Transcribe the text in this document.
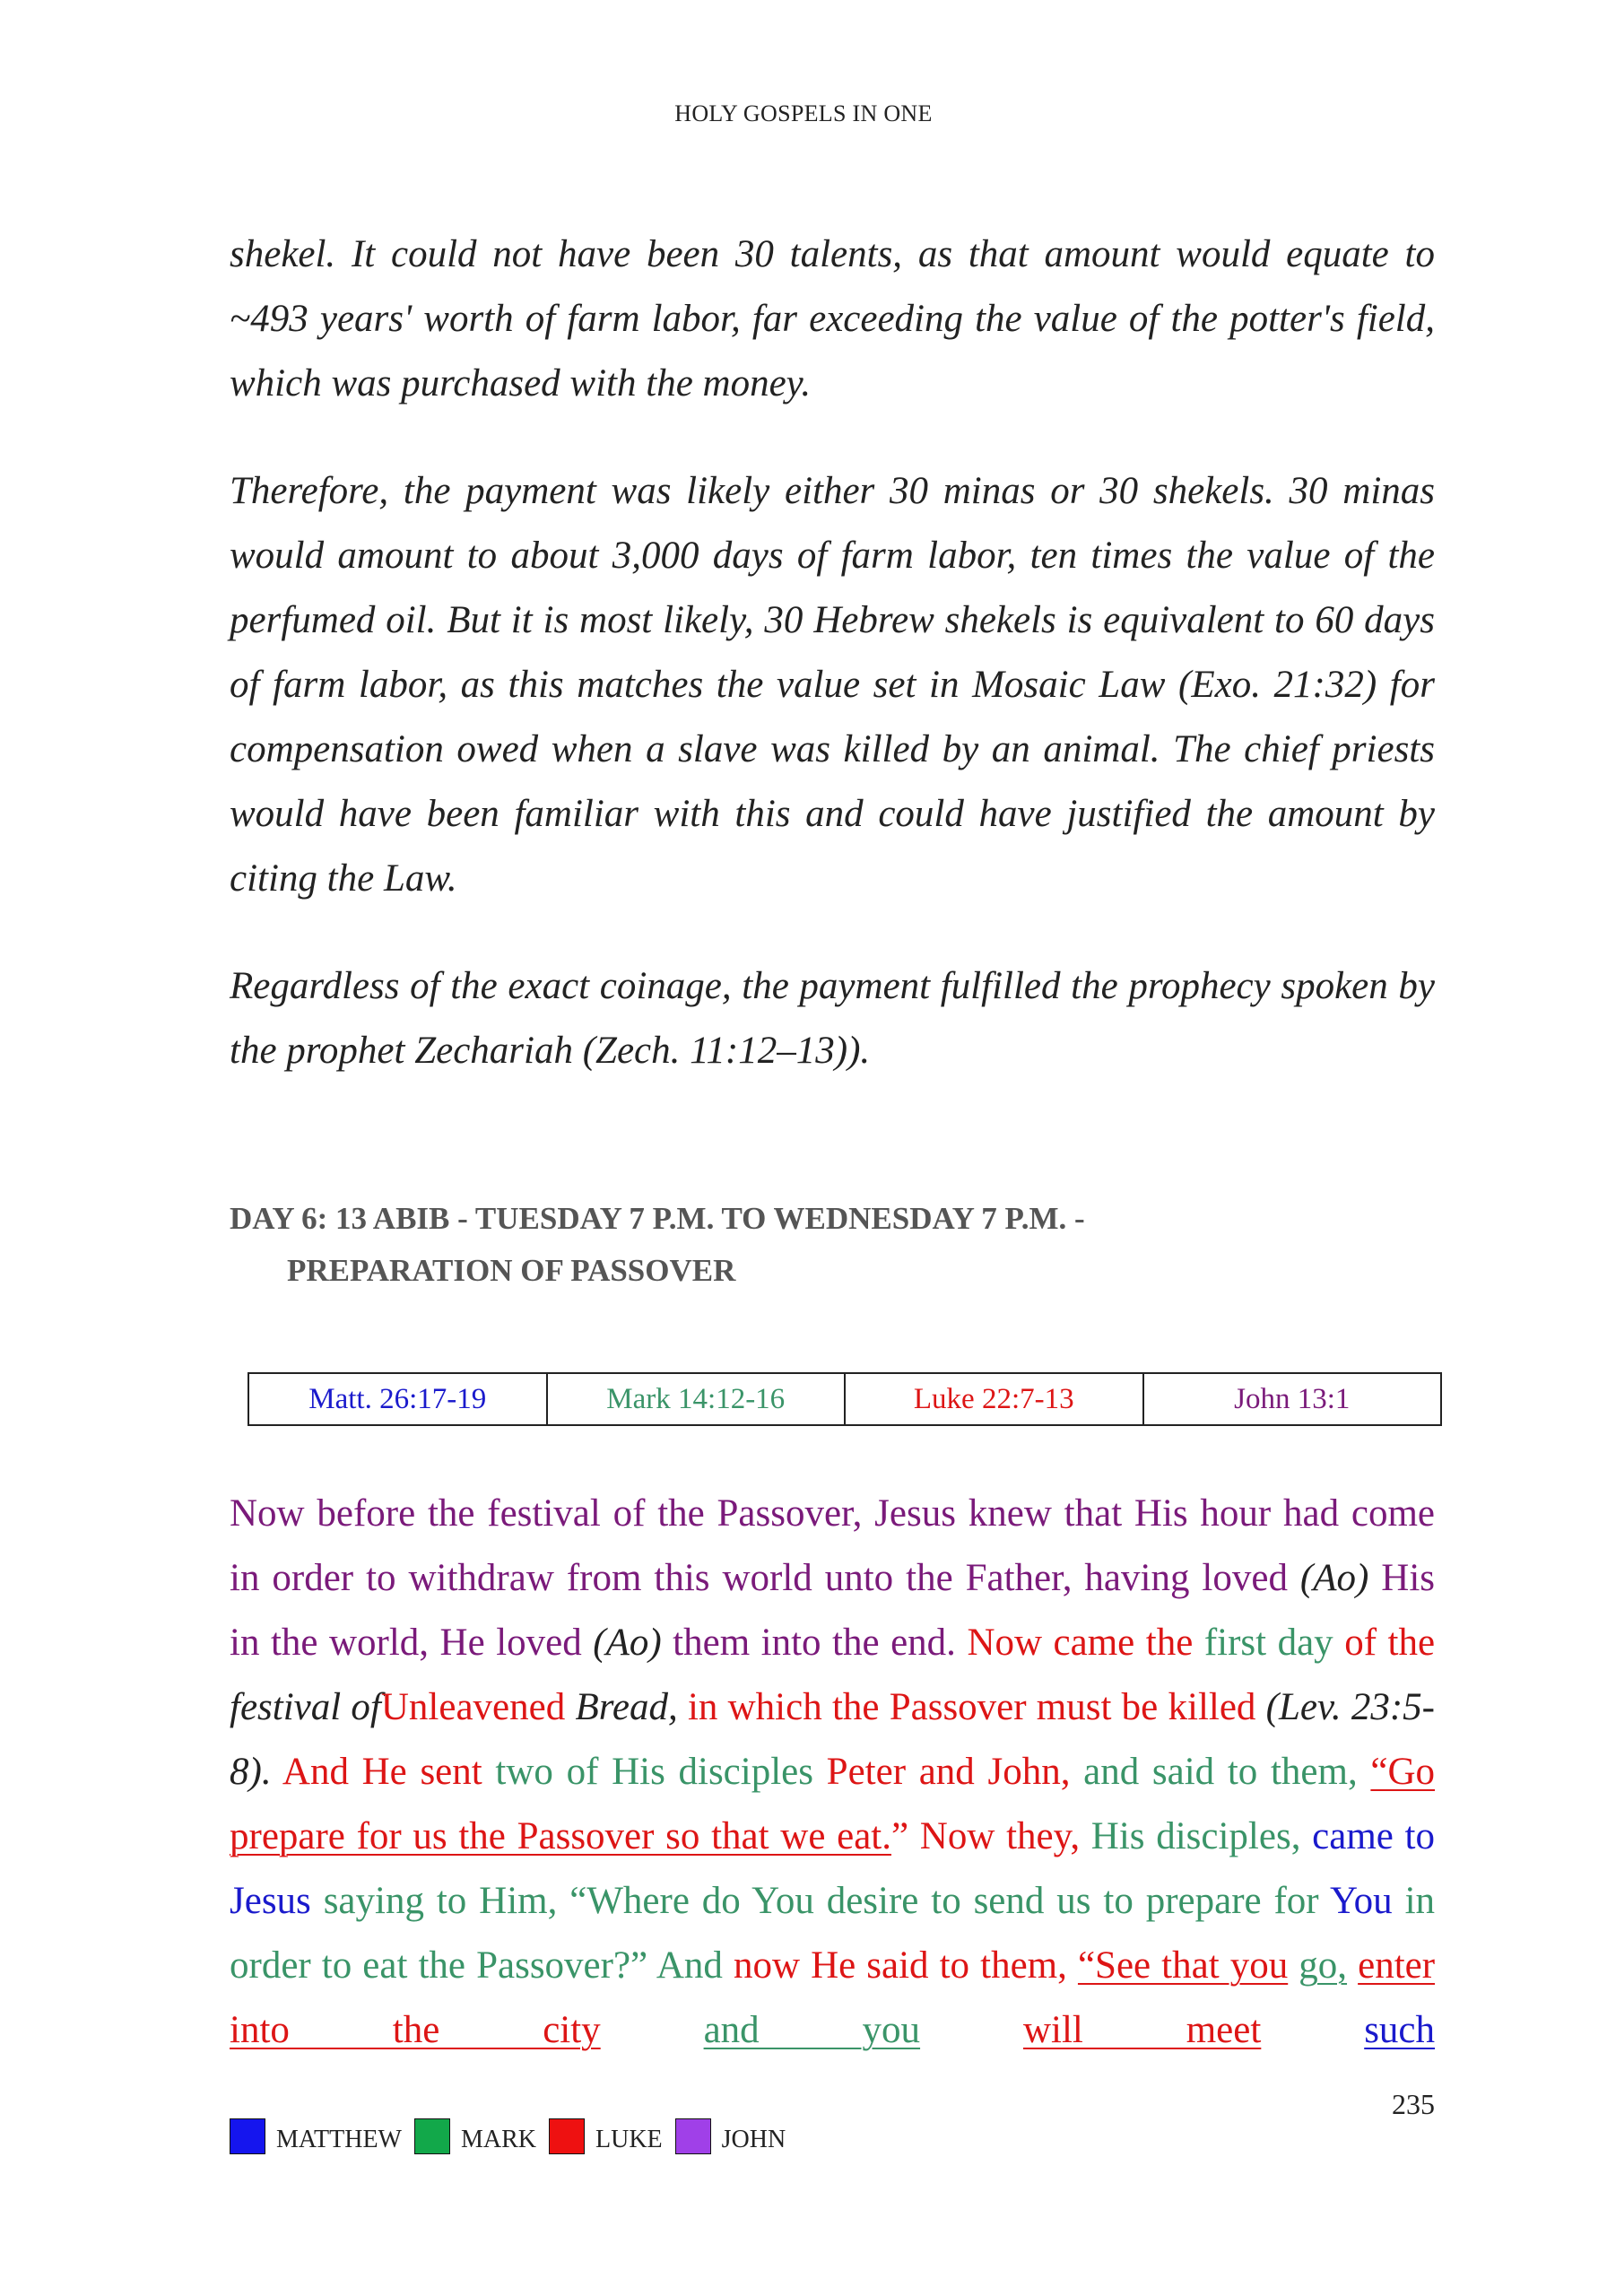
HOLY GOSPELS IN ONE

shekel. It could not have been 30 talents, as that amount would equate to ~493 years' worth of farm labor, far exceeding the value of the potter's field, which was purchased with the money.

Therefore, the payment was likely either 30 minas or 30 shekels. 30 minas would amount to about 3,000 days of farm labor, ten times the value of the perfumed oil. But it is most likely, 30 Hebrew shekels is equivalent to 60 days of farm labor, as this matches the value set in Mosaic Law (Exo. 21:32) for compensation owed when a slave was killed by an animal. The chief priests would have been familiar with this and could have justified the amount by citing the Law.

Regardless of the exact coinage, the payment fulfilled the prophecy spoken by the prophet Zechariah (Zech. 11:12–13)).

DAY 6: 13 ABIB - TUESDAY 7 P.M. TO WEDNESDAY 7 P.M. -
PREPARATION OF PASSOVER
Matt. 26:17-19	Mark 14:12-16	Luke 22:7-13	John 13:1
Now before the festival of the Passover, Jesus knew that His hour had come in order to withdraw from this world unto the Father, having loved (Ao) His in the world, He loved (Ao) them into the end. Now came the first day of the festival ofUnleavened Bread, in which the Passover must be killed (Lev. 23:5-8). And He sent two of His disciples Peter and John, and said to them, “Go prepare for us the Passover so that we eat.” Now they, His disciples, came to Jesus saying to Him, “Where do You desire to send us to prepare for You in order to eat the Passover?” And now He said to them, “See that you go, enter into the city	and you	will meet	such
235
MATTHEW MARK LUKE JOHN
